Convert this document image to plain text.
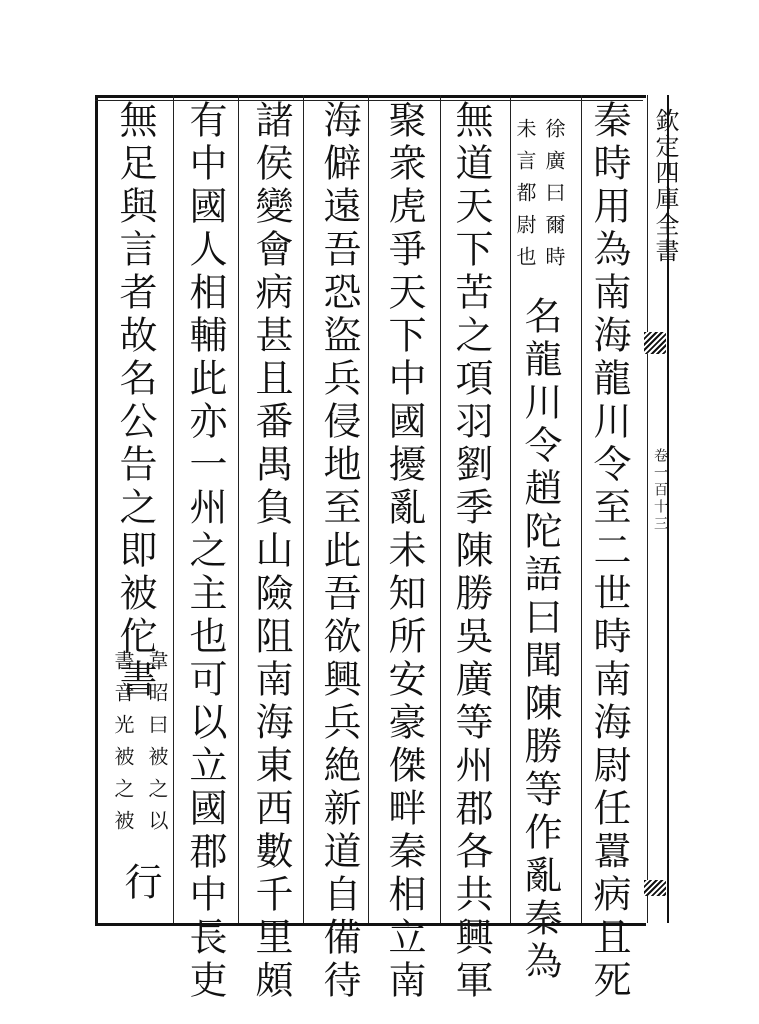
欽定四庫全書
卷一百十三
秦時用為南海龍川令至二世時南海尉任囂病且死
徐廣曰爾時
未言都尉也
名龍川令趙陀語曰聞陳勝等作亂秦為
無道天下苦之項羽劉季陳勝吳廣等州郡各共興軍
聚衆虎爭天下中國擾亂未知所安豪傑畔秦相立南
海僻遠吾恐盜兵侵地至此吾欲興兵絶新道自備待
諸侯變會病甚且番禺負山險阻南海東西數千里頗
有中國人相輔此亦一州之主也可以立國郡中長吏
無足與言者故名公告之即被佗書
韋昭曰被之以
書音光被之被
行
